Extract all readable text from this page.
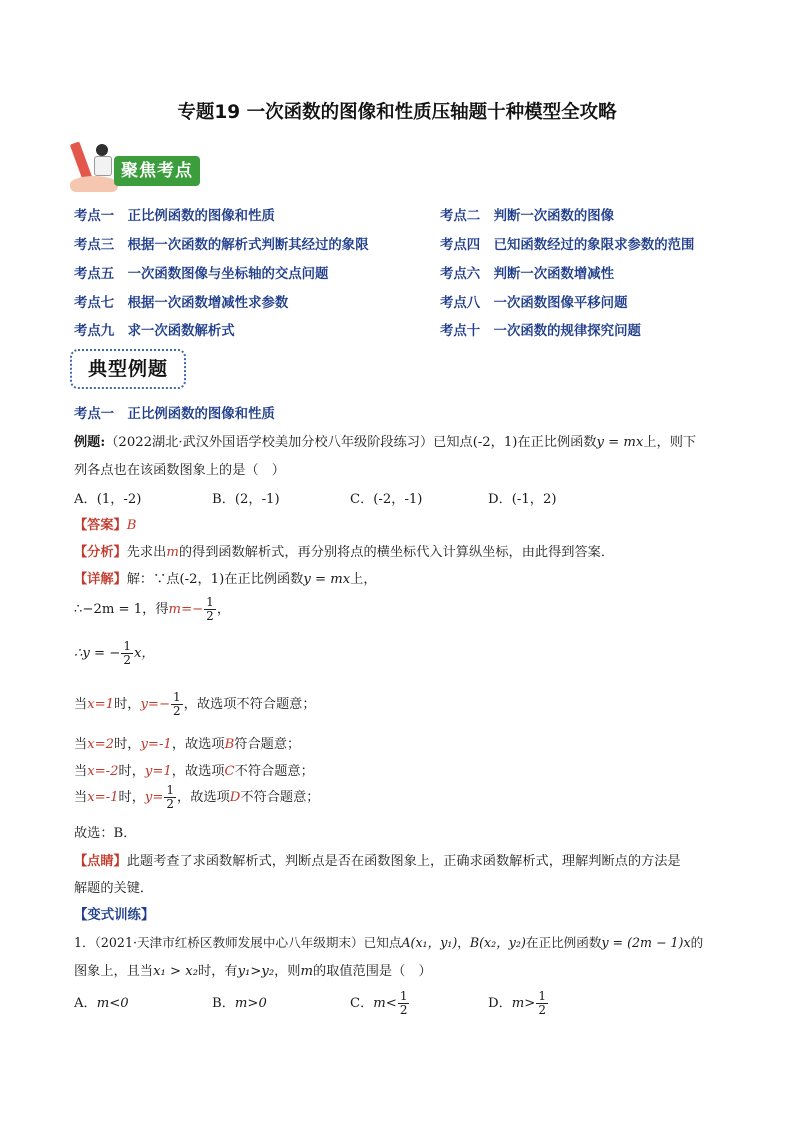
专题19 一次函数的图像和性质压轴题十种模型全攻略
聚焦考点
考点一　 正比例函数的图像和性质	考点二　 判断一次函数的图像
考点三　 根据一次函数的解析式判断其经过的象限	考点四　 已知函数经过的象限求参数的范围
考点五　 一次函数图像与坐标轴的交点问题	考点六　 判断一次函数增减性
考点七　 根据一次函数增减性求参数	考点八　 一次函数图像平移问题
考点九　 求一次函数解析式	考点十　 一次函数的规律探究问题
典型例题
考点一　正比例函数的图像和性质
例题:（2022湖北·武汉外国语学校美加分校八年级阶段练习）已知点(-2，1)在正比例函数y = mx上，则下
列各点也在该函数图象上的是（　）
A．(1，-2)	B．(2，-1)	C．(-2，-1)	D．(-1，2)
【答案】B
【分析】先求出m的得到函数解析式，再分别将点的横坐标代入计算纵坐标，由此得到答案．
【详解】解：∵点(-2，1)在正比例函数y = mx上，
∴−2m = 1，得$m=- \frac{1}{2}$ ，
∴y = − $\frac{1}{2}$ x，
当x=1时，$y=- \frac{1}{2}$ ，故选项不符合题意；
当x=2时，y=-1，故选项B符合题意；
当x=-2时，y=1，故选项C不符合题意；
当x=-1时，$y= \frac{1}{2}$ ，故选项D不符合题意；
故选：B．
【点睛】此题考查了求函数解析式，判断点是否在函数图象上，正确求函数解析式，理解判断点的方法是
解题的关键．
【变式训练】
1．（2021·天津市红桥区教师发展中心八年级期末）已知点A(x₁，y₁)，B(x₂，y₂)在正比例函数y = (2m − 1)x的
图象上，且当x₁ > x₂时，有y₁>y₂，则m的取值范围是（　）
A．m<0	B．m>0	C．$m< \frac{1}{2}$	D．$m> \frac{1}{2}$
